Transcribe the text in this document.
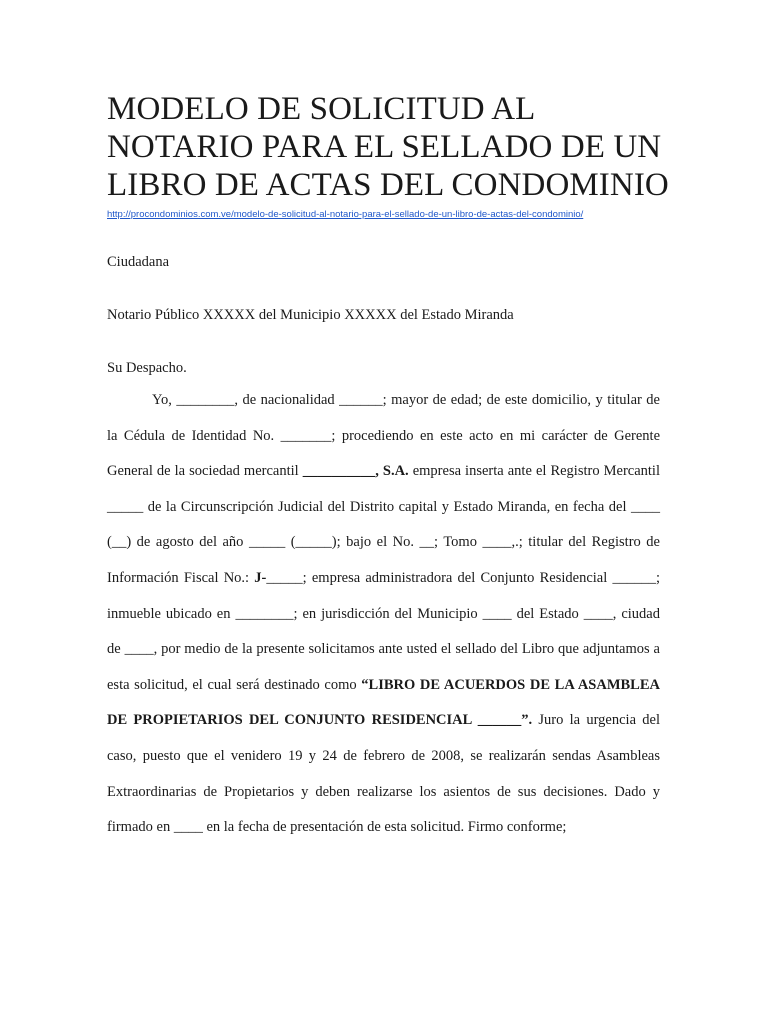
MODELO DE SOLICITUD AL
NOTARIO PARA EL SELLADO DE UN
LIBRO DE ACTAS DEL CONDOMINIO
http://procondominios.com.ve/modelo-de-solicitud-al-notario-para-el-sellado-de-un-libro-de-actas-del-condominio/
Ciudadana
Notario Público XXXXX del Municipio XXXXX del Estado Miranda
Su Despacho.

Yo, ________, de nacionalidad ______; mayor de edad; de este domicilio, y titular de la Cédula de Identidad No. _______; procediendo en este acto en mi carácter de Gerente General de la sociedad mercantil __________, S.A. empresa inserta ante el Registro Mercantil _____ de la Circunscripción Judicial del Distrito capital y Estado Miranda, en fecha del ____ (__) de agosto del año _____ (_____); bajo el No. __; Tomo ____,.; titular del Registro de Información Fiscal No.: J-_____; empresa administradora del Conjunto Residencial ______; inmueble ubicado en ________; en jurisdicción del Municipio ____ del Estado ____, ciudad de ____, por medio de la presente solicitamos ante usted el sellado del Libro que adjuntamos a esta solicitud, el cual será destinado como “LIBRO DE ACUERDOS DE LA ASAMBLEA DE PROPIETARIOS DEL CONJUNTO RESIDENCIAL ______”. Juro la urgencia del caso, puesto que el venidero 19 y 24 de febrero de 2008, se realizarán sendas Asambleas Extraordinarias de Propietarios y deben realizarse los asientos de sus decisiones. Dado y firmado en ____ en la fecha de presentación de esta solicitud. Firmo conforme;
